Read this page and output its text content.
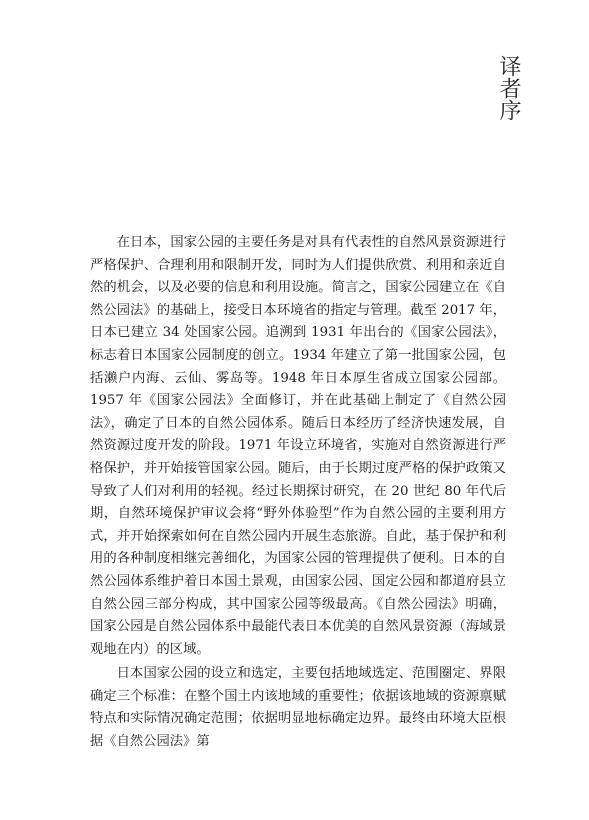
译者序

在日本，国家公园的主要任务是对具有代表性的自然风景资源进行严格保护、合理利用和限制开发，同时为人们提供欣赏、利用和亲近自然的机会，以及必要的信息和利用设施。简言之，国家公园建立在《自然公园法》的基础上，接受日本环境省的指定与管理。截至 2017 年，日本已建立 34 处国家公园。追溯到 1931 年出台的《国家公园法》，标志着日本国家公园制度的创立。1934 年建立了第一批国家公园，包括濑户内海、云仙、雾岛等。1948 年日本厚生省成立国家公园部。1957 年《国家公园法》全面修订，并在此基础上制定了《自然公园法》，确定了日本的自然公园体系。随后日本经历了经济快速发展，自然资源过度开发的阶段。1971 年设立环境省，实施对自然资源进行严格保护，并开始接管国家公园。随后，由于长期过度严格的保护政策又导致了人们对利用的轻视。经过长期探讨研究，在 20 世纪 80 年代后期，自然环境保护审议会将“野外体验型”作为自然公园的主要利用方式，并开始探索如何在自然公园内开展生态旅游。自此，基于保护和利用的各种制度相继完善细化，为国家公园的管理提供了便利。日本的自然公园体系维护着日本国土景观，由国家公园、国定公园和都道府县立自然公园三部分构成，其中国家公园等级最高。《自然公园法》明确，国家公园是自然公园体系中最能代表日本优美的自然风景资源（海域景观地在内）的区域。

日本国家公园的设立和选定，主要包括地域选定、范围圈定、界限确定三个标准：在整个国土内该地域的重要性；依据该地域的资源禀赋特点和实际情况确定范围；依据明显地标确定边界。最终由环境大臣根据《自然公园法》第
